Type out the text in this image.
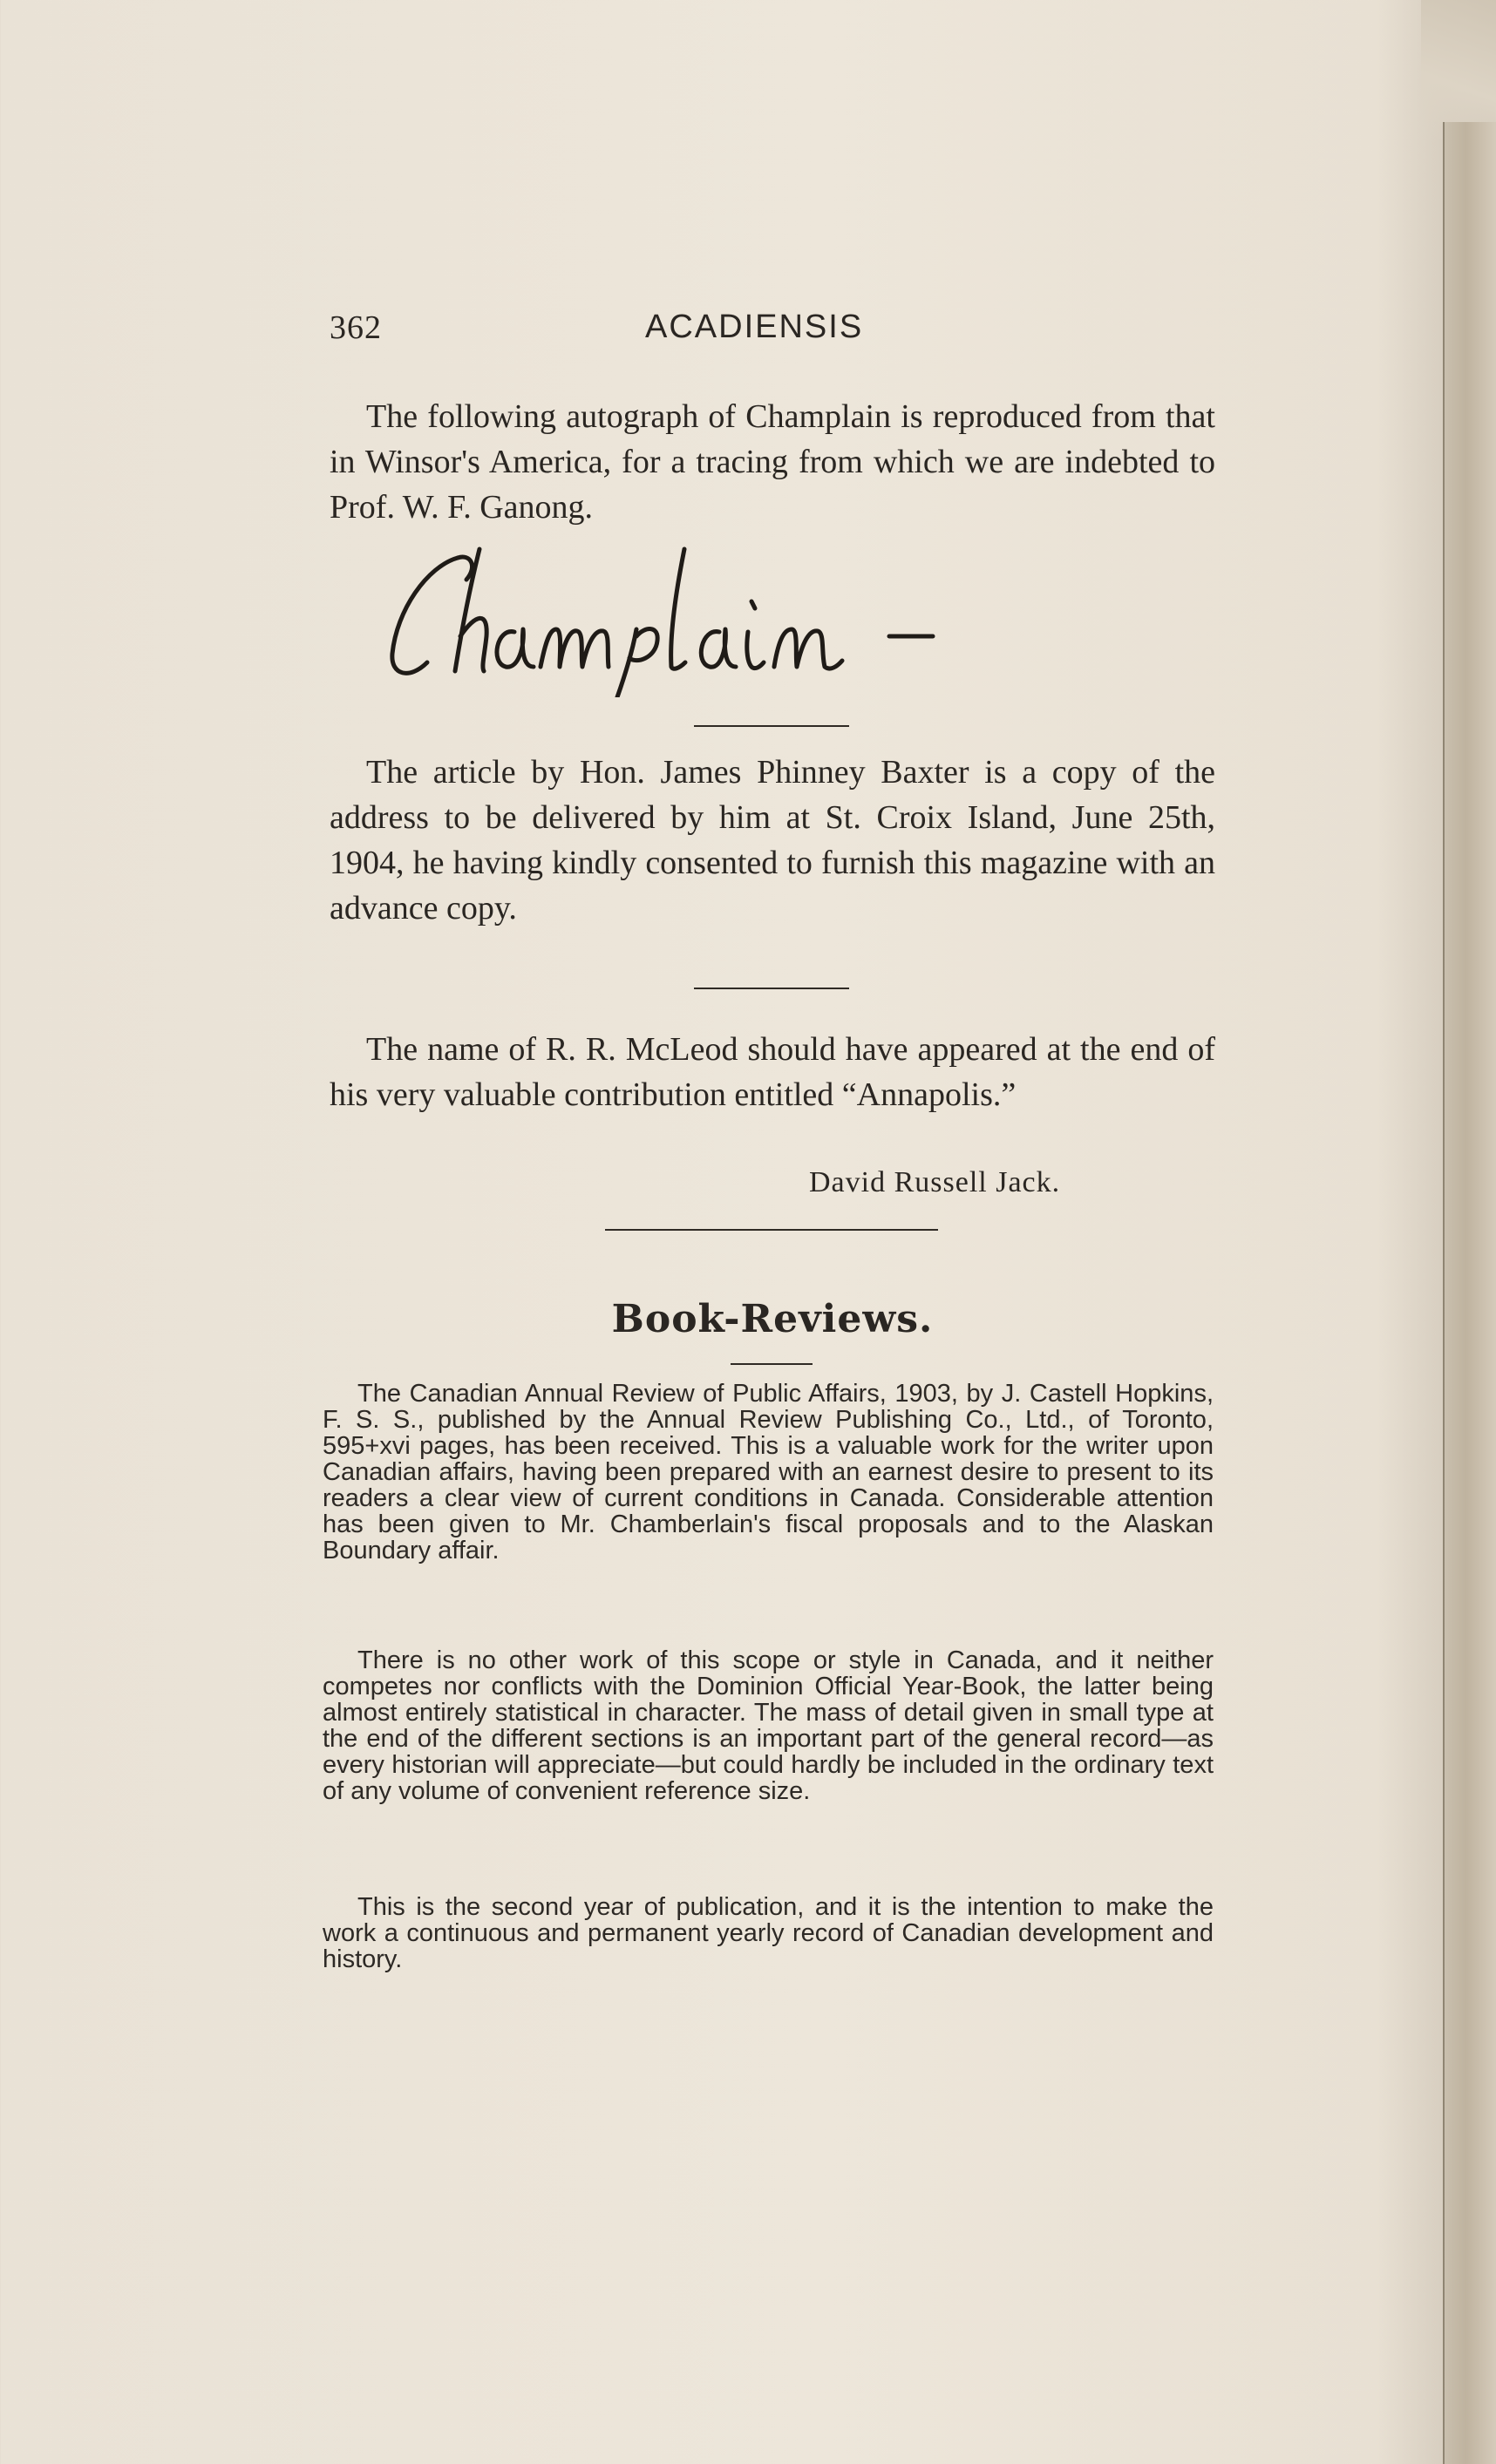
362	ACADIENSIS

The following autograph of Champlain is reproduced from that in Winsor's America, for a tracing from which we are indebted to Prof. W. F. Ganong.

The article by Hon. James Phinney Baxter is a copy of the address to be delivered by him at St. Croix Island, June 25th, 1904, he having kindly consented to furnish this magazine with an advance copy.

The name of R. R. McLeod should have appeared at the end of his very valuable contribution entitled “Annapolis.”

David Russell Jack.
Book-Reviews.

The Canadian Annual Review of Public Affairs, 1903, by J. Castell Hopkins, F. S. S., published by the Annual Review Publishing Co., Ltd., of Toronto, 595+xvi pages, has been received. This is a valuable work for the writer upon Canadian affairs, having been prepared with an earnest desire to present to its readers a clear view of current conditions in Canada. Considerable attention has been given to Mr. Chamberlain's fiscal proposals and to the Alaskan Boundary affair.

There is no other work of this scope or style in Canada, and it neither competes nor conflicts with the Dominion Official Year-Book, the latter being almost entirely statistical in character. The mass of detail given in small type at the end of the different sections is an important part of the general record—as every historian will appreciate—but could hardly be included in the ordinary text of any volume of convenient reference size.

This is the second year of publication, and it is the intention to make the work a continuous and permanent yearly record of Canadian development and history.
